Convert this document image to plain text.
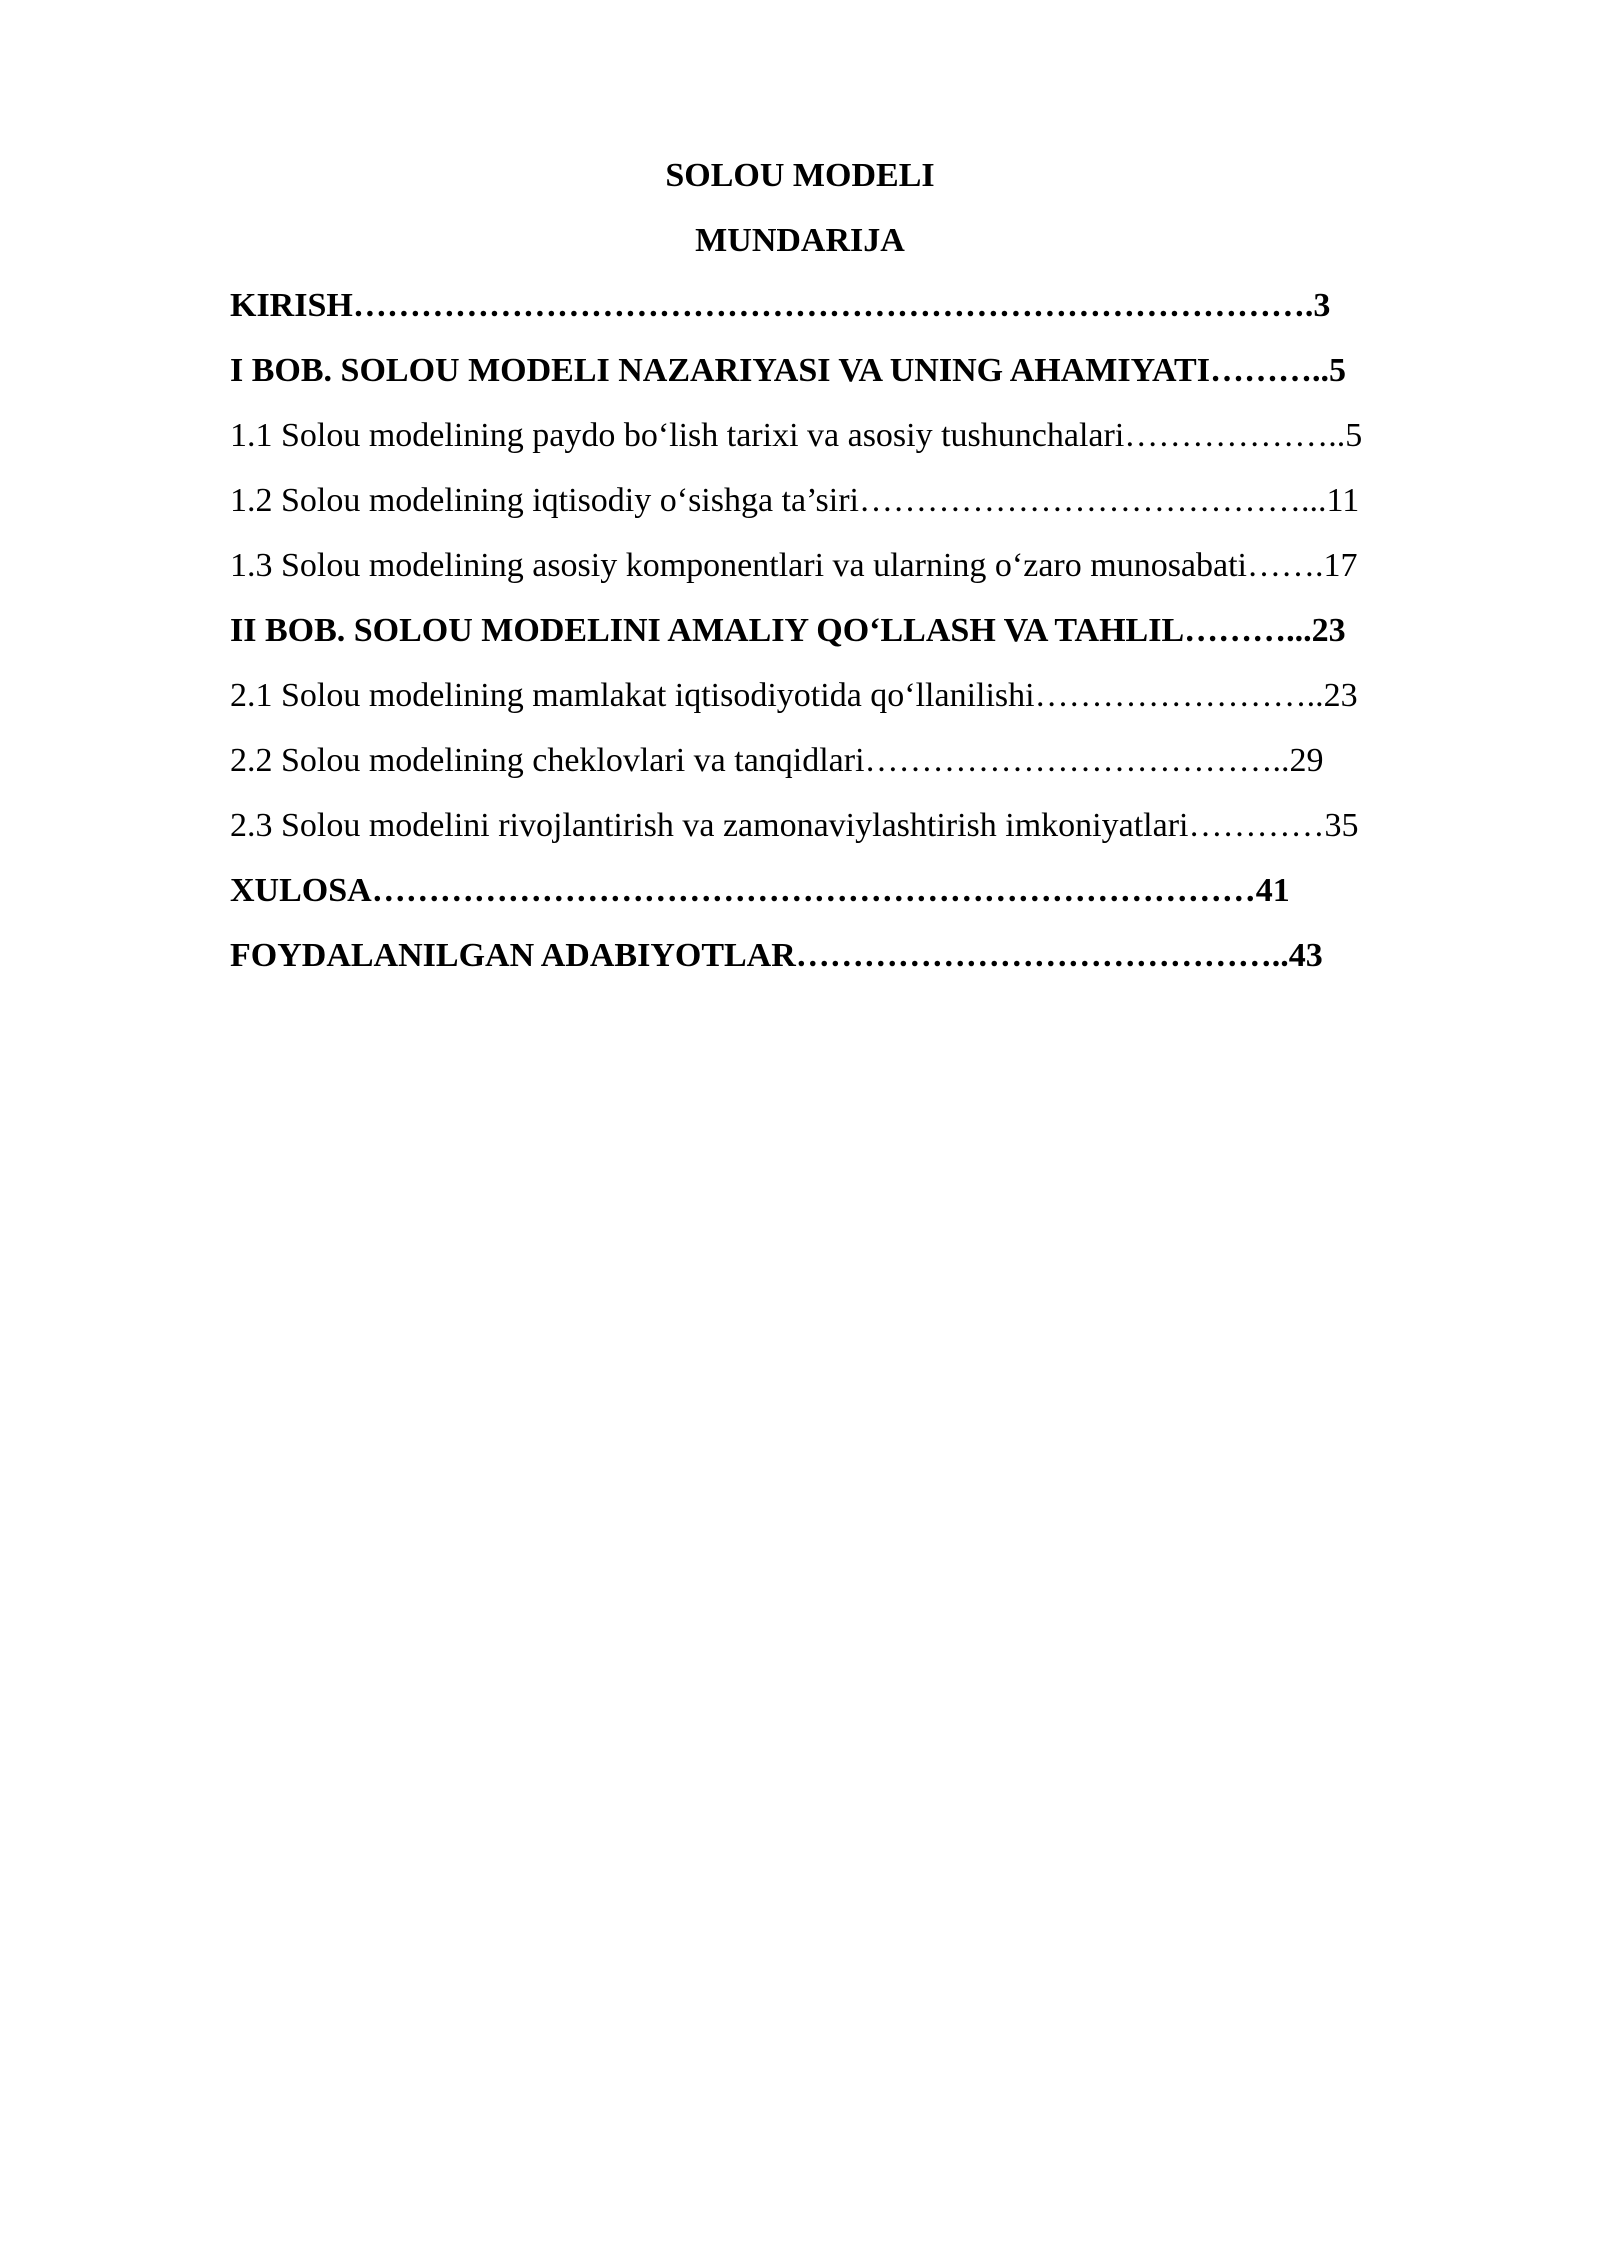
SOLOU MODELI
MUNDARIJA
KIRISH………………………………………………………………………….3
I BOB. SOLOU MODELI NAZARIYASI VA UNING AHAMIYATI………..5
1.1 Solou modelining paydo bo‘lish tarixi va asosiy tushunchalari………………..5
1.2 Solou modelining iqtisodiy o‘sishga ta’siri…………………………………...11
1.3 Solou modelining asosiy komponentlari va ularning o‘zaro munosabati…….17
II BOB. SOLOU MODELINI AMALIY QO‘LLASH VA TAHLIL………...23
2.1 Solou modelining mamlakat iqtisodiyotida qo‘llanilishi……………………..23
2.2 Solou modelining cheklovlari va tanqidlari………………………………..29
2.3 Solou modelini rivojlantirish va zamonaviylashtirish imkoniyatlari…………35
XULOSA……………………………………………………………………41
FOYDALANILGAN ADABIYOTLAR……………………………………..43
